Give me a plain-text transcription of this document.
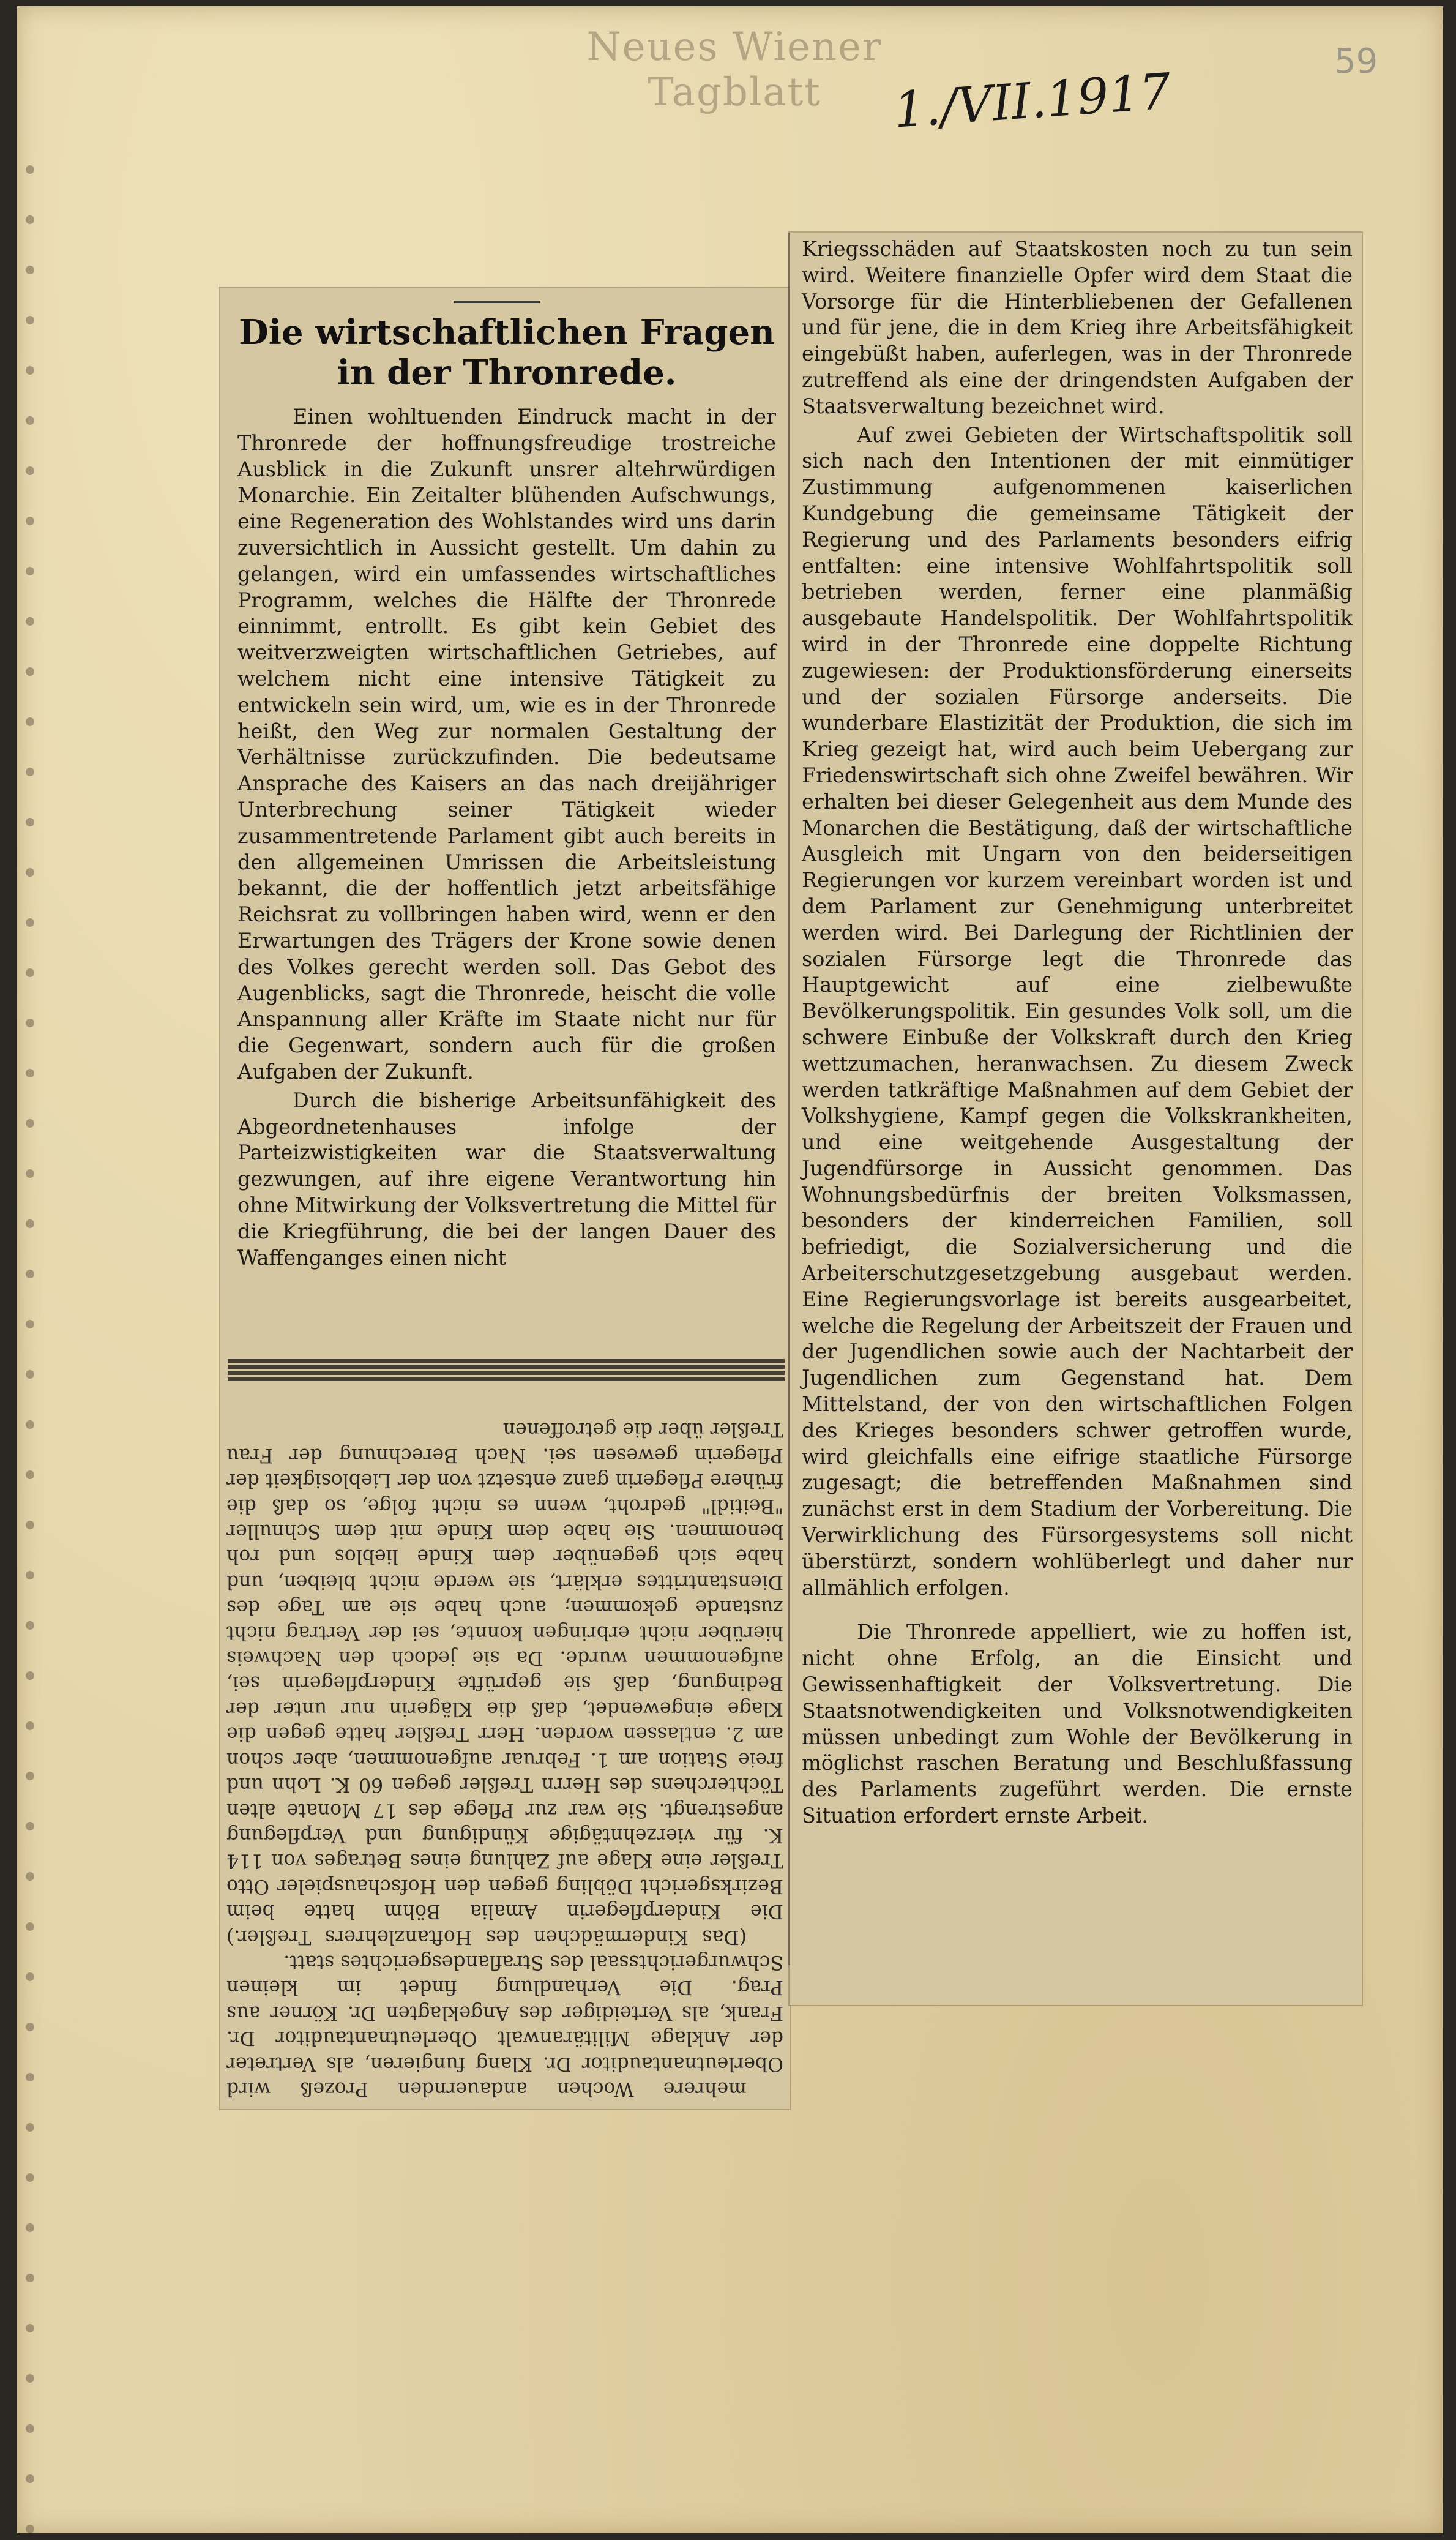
Neues Wiener Tagblatt	1./VII.1917
59
Die wirtschaftlichen Fragen in der Thronrede.

Einen wohltuenden Eindruck macht in der Thronrede der hoffnungsfreudige trostreiche Ausblick in die Zukunft unsrer altehrwürdigen Monarchie. Ein Zeitalter blühenden Aufschwungs, eine Regeneration des Wohlstandes wird uns darin zuversichtlich in Aussicht gestellt. Um dahin zu gelangen, wird ein umfassendes wirtschaftliches Programm, welches die Hälfte der Thronrede einnimmt, entrollt. Es gibt kein Gebiet des weitverzweigten wirtschaftlichen Getriebes, auf welchem nicht eine intensive Tätigkeit zu entwickeln sein wird, um, wie es in der Thronrede heißt, den Weg zur normalen Gestaltung der Verhältnisse zurückzufinden. Die bedeutsame Ansprache des Kaisers an das nach dreijähriger Unterbrechung seiner Tätigkeit wieder zusammentretende Parlament gibt auch bereits in den allgemeinen Umrissen die Arbeitsleistung bekannt, die der hoffentlich jetzt arbeitsfähige Reichsrat zu vollbringen haben wird, wenn er den Erwartungen des Trägers der Krone sowie denen des Volkes gerecht werden soll. Das Gebot des Augenblicks, sagt die Thronrede, heischt die volle Anspannung aller Kräfte im Staate nicht nur für die Gegenwart, sondern auch für die großen Aufgaben der Zukunft.

Durch die bisherige Arbeitsunfähigkeit des Abgeordnetenhauses infolge der Parteizwistigkeiten war die Staatsverwaltung gezwungen, auf ihre eigene Verantwortung hin ohne Mitwirkung der Volksvertretung die Mittel für die Kriegführung, die bei der langen Dauer des Waffenganges einen nicht

mehrere Wochen andauernden Prozeß wird Oberleutnantauditor Dr. Klang fungieren, als Vertreter der Anklage Militäranwalt Oberleutnantauditor Dr. Frank, als Verteidiger des Angeklagten Dr. Körner aus Prag. Die Verhandlung findet im kleinen Schwurgerichtssaal des Straflandesgerichtes statt.

(Das Kindermädchen des Hoftanzlehrers Treßler.) Die Kinderpflegerin Amalia Böhm hatte beim Bezirksgericht Döbling gegen den Hofschauspieler Otto Treßler eine Klage auf Zahlung eines Betrages von 114 K. für vierzehntägige Kündigung und Verpflegung angestrengt. Sie war zur Pflege des 17 Monate alten Töchterchens des Herrn Treßler gegen 60 K. Lohn und freie Station am 1. Februar aufgenommen, aber schon am 2. entlassen worden. Herr Treßler hatte gegen die Klage eingewendet, daß die Klägerin nur unter der Bedingung, daß sie geprüfte Kinderpflegerin sei, aufgenommen wurde. Da sie jedoch den Nachweis hierüber nicht erbringen konnte, sei der Vertrag nicht zustande gekommen; auch habe sie am Tage des Dienstantrittes erklärt, sie werde nicht bleiben, und habe sich gegenüber dem Kinde lieblos und roh benommen. Sie habe dem Kinde mit dem Schnuller "Beitidl" gedroht, wenn es nicht folge, so daß die frühere Pflegerin ganz entsetzt von der Lieblosigkeit der Pflegerin gewesen sei. Nach Berechnung der Frau Treßler über die getroffenen

Kriegsschäden auf Staatskosten noch zu tun sein wird. Weitere finanzielle Opfer wird dem Staat die Vorsorge für die Hinterbliebenen der Gefallenen und für jene, die in dem Krieg ihre Arbeitsfähigkeit eingebüßt haben, auferlegen, was in der Thronrede zutreffend als eine der dringendsten Aufgaben der Staatsverwaltung bezeichnet wird.

Auf zwei Gebieten der Wirtschaftspolitik soll sich nach den Intentionen der mit einmütiger Zustimmung aufgenommenen kaiserlichen Kundgebung die gemeinsame Tätigkeit der Regierung und des Parlaments besonders eifrig entfalten: eine intensive Wohlfahrtspolitik soll betrieben werden, ferner eine planmäßig ausgebaute Handelspolitik. Der Wohlfahrtspolitik wird in der Thronrede eine doppelte Richtung zugewiesen: der Produktionsförderung einerseits und der sozialen Fürsorge anderseits. Die wunderbare Elastizität der Produktion, die sich im Krieg gezeigt hat, wird auch beim Uebergang zur Friedenswirtschaft sich ohne Zweifel bewähren. Wir erhalten bei dieser Gelegenheit aus dem Munde des Monarchen die Bestätigung, daß der wirtschaftliche Ausgleich mit Ungarn von den beiderseitigen Regierungen vor kurzem vereinbart worden ist und dem Parlament zur Genehmigung unterbreitet werden wird. Bei Darlegung der Richtlinien der sozialen Fürsorge legt die Thronrede das Hauptgewicht auf eine zielbewußte Bevölkerungspolitik. Ein gesundes Volk soll, um die schwere Einbuße der Volkskraft durch den Krieg wettzumachen, heranwachsen. Zu diesem Zweck werden tatkräftige Maßnahmen auf dem Gebiet der Volkshygiene, Kampf gegen die Volkskrankheiten, und eine weitgehende Ausgestaltung der Jugendfürsorge in Aussicht genommen. Das Wohnungsbedürfnis der breiten Volksmassen, besonders der kinderreichen Familien, soll befriedigt, die Sozialversicherung und die Arbeiterschutzgesetzgebung ausgebaut werden. Eine Regierungsvorlage ist bereits ausgearbeitet, welche die Regelung der Arbeitszeit der Frauen und der Jugendlichen sowie auch der Nachtarbeit der Jugendlichen zum Gegenstand hat. Dem Mittelstand, der von den wirtschaftlichen Folgen des Krieges besonders schwer getroffen wurde, wird gleichfalls eine eifrige staatliche Fürsorge zugesagt; die betreffenden Maßnahmen sind zunächst erst in dem Stadium der Vorbereitung. Die Verwirklichung des Fürsorgesystems soll nicht überstürzt, sondern wohlüberlegt und daher nur allmählich erfolgen.

Die Thronrede appelliert, wie zu hoffen ist, nicht ohne Erfolg, an die Einsicht und Gewissenhaftigkeit der Volksvertretung. Die Staatsnotwendigkeiten und Volksnotwendigkeiten müssen unbedingt zum Wohle der Bevölkerung in möglichst raschen Beratung und Beschlußfassung des Parlaments zugeführt werden. Die ernste Situation erfordert ernste Arbeit.
